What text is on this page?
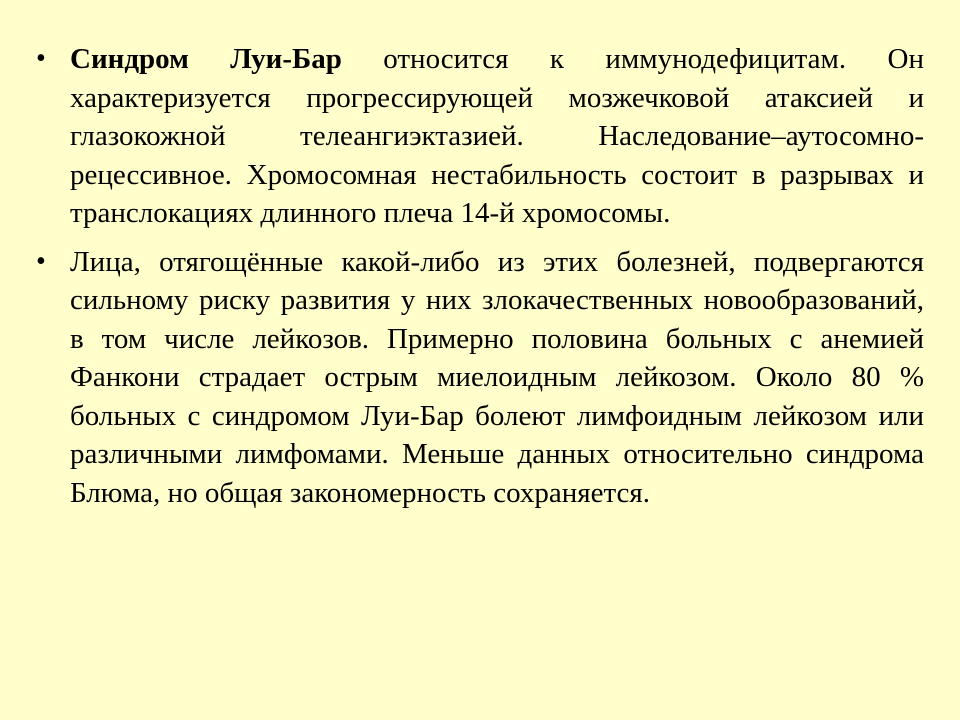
• Синдром Луи-Бар относится к иммунодефицитам. Он характеризуется прогрессирующей мозжечковой атаксией и глазокожной телеангиэктазией. Наследование–аутосомно-рецессивное. Хромосомная нестабильность состоит в разрывах и транслокациях длинного плеча 14-й хромосомы.

• Лица, отягощённые какой-либо из этих болезней, подвергаются сильному риску развития у них злокачественных новообразований, в том числе лейкозов. Примерно половина больных с анемией Фанкони страдает острым миелоидным лейкозом. Около 80 % больных с синдромом Луи-Бар болеют лимфоидным лейкозом или различными лимфомами. Меньше данных относительно синдрома Блюма, но общая закономерность сохраняется.
